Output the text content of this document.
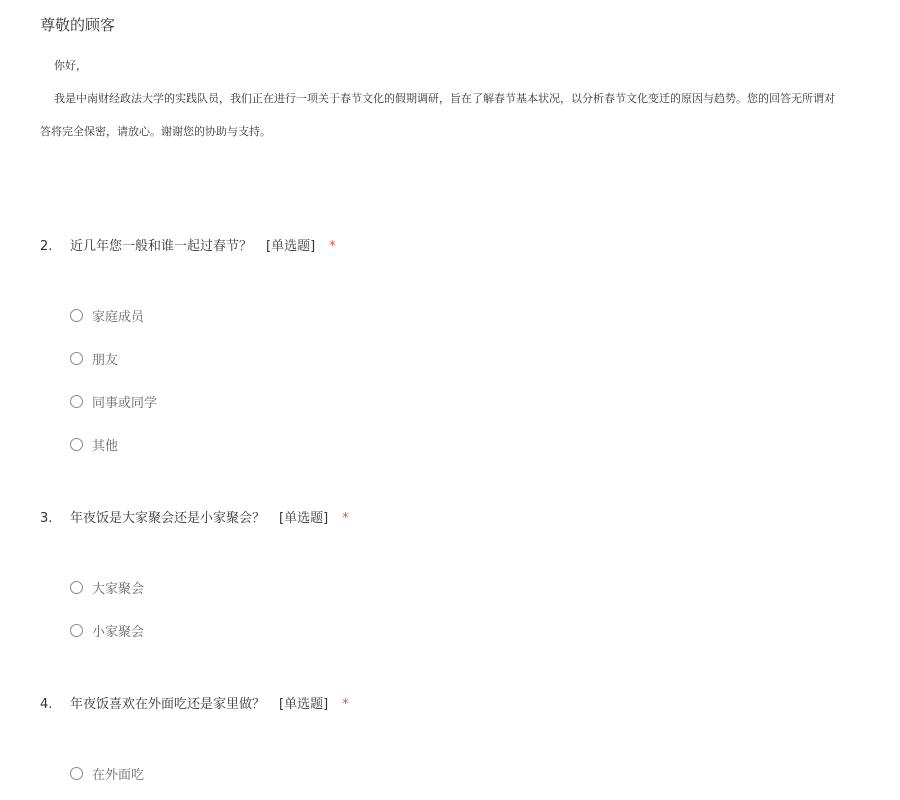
尊敬的顾客
你好，
我是中南财经政法大学的实践队员，我们正在进行一项关于春节文化的假期调研，旨在了解春节基本状况，以分析春节文化变迁的原因与趋势。您的回答无所谓对
答将完全保密，请放心。谢谢您的协助与支持。
2. 近几年您一般和谁一起过春节？ [单选题] *
家庭成员
朋友
同事或同学
其他
3. 年夜饭是大家聚会还是小家聚会？ [单选题] *
大家聚会
小家聚会
4. 年夜饭喜欢在外面吃还是家里做？ [单选题] *
在外面吃
